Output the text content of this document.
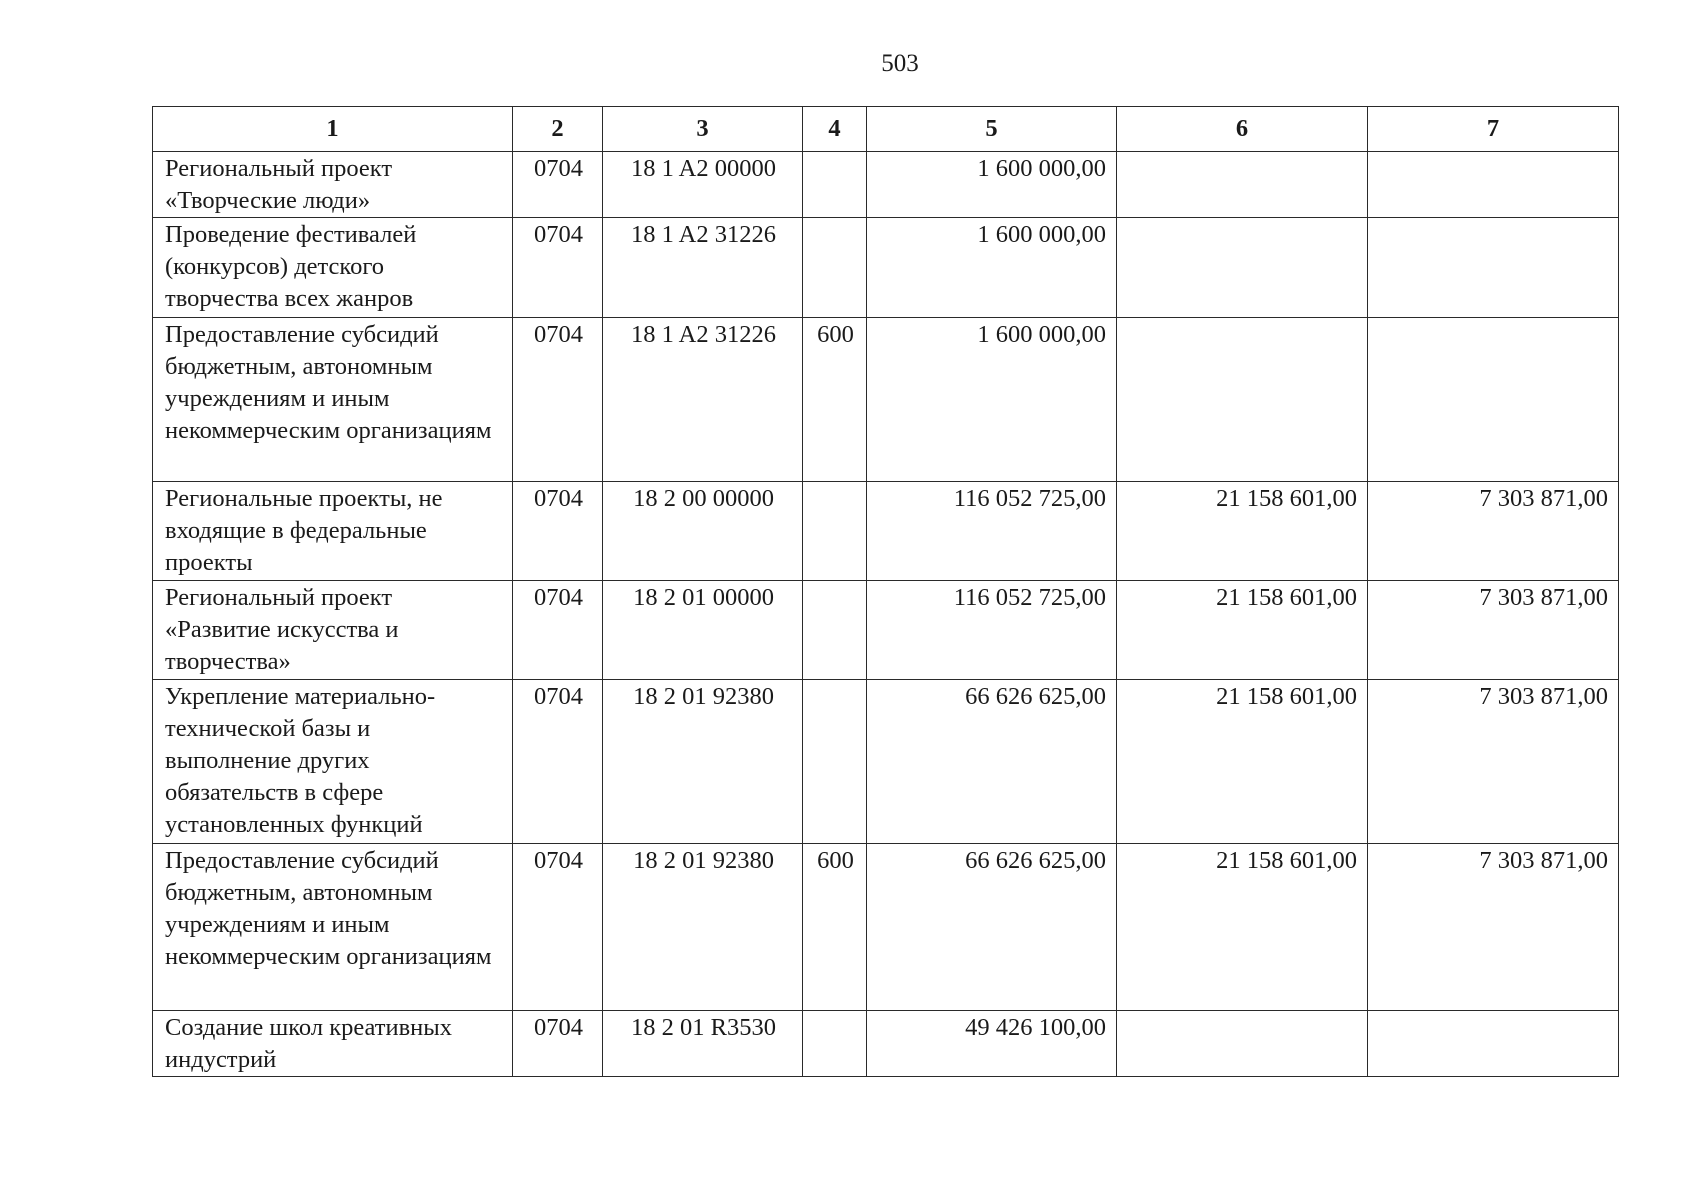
503
1	2	3	4	5	6	7
Региональный проект «Творческие люди»	0704	18 1 A2 00000		1 600 000,00		
Проведение фестивалей (конкурсов) детского творчества всех жанров	0704	18 1 A2 31226		1 600 000,00		
Предоставление субсидий бюджетным, автономным учреждениям и иным некоммерческим организациям	0704	18 1 A2 31226	600	1 600 000,00		
Региональные проекты, не входящие в федеральные проекты	0704	18 2 00 00000		116 052 725,00	21 158 601,00	7 303 871,00
Региональный проект «Развитие искусства и творчества»	0704	18 2 01 00000		116 052 725,00	21 158 601,00	7 303 871,00
Укрепление материально-технической базы и выполнение других обязательств в сфере установленных функций	0704	18 2 01 92380		66 626 625,00	21 158 601,00	7 303 871,00
Предоставление субсидий бюджетным, автономным учреждениям и иным некоммерческим организациям	0704	18 2 01 92380	600	66 626 625,00	21 158 601,00	7 303 871,00
Создание школ креативных индустрий	0704	18 2 01 R3530		49 426 100,00		
